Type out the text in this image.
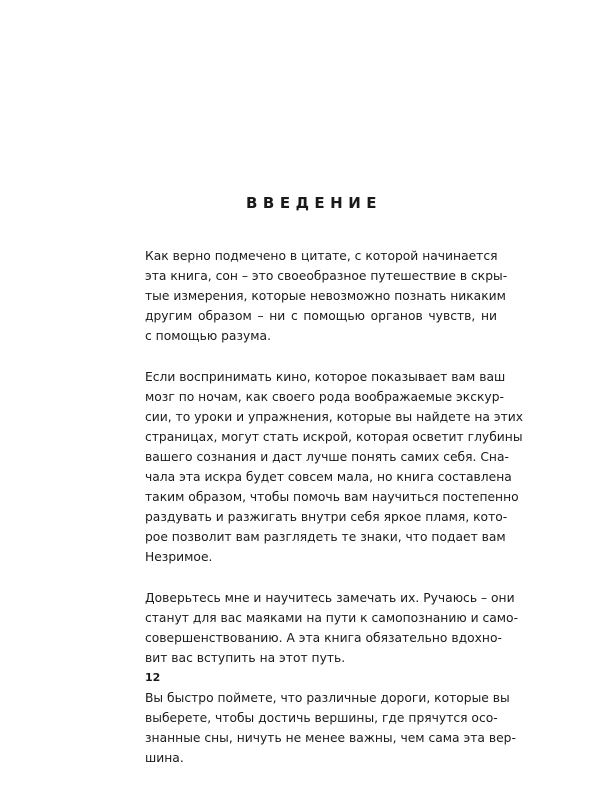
ВВЕДЕНИЕ

Как верно подмечено в цитате, с которой начинается
эта книга, сон – это своеобразное путешествие в скры-
тые измерения, которые невозможно познать никаким
другим образом – ни с помощью органов чувств, ни
с помощью разума.

Если воспринимать кино, которое показывает вам ваш
мозг по ночам, как своего рода воображаемые экскур-
сии, то уроки и упражнения, которые вы найдете на этих
страницах, могут стать искрой, которая осветит глубины
вашего сознания и даст лучше понять самих себя. Сна-
чала эта искра будет совсем мала, но книга составлена
таким образом, чтобы помочь вам научиться постепенно
раздувать и разжигать внутри себя яркое пламя, кото-
рое позволит вам разглядеть те знаки, что подает вам
Незримое.

Доверьтесь мне и научитесь замечать их. Ручаюсь – они
станут для вас маяками на пути к самопознанию и само-
совершенствованию. А эта книга обязательно вдохно-
вит вас вступить на этот путь.

Вы быстро поймете, что различные дороги, которые вы
выберете, чтобы достичь вершины, где прячутся осо-
знанные сны, ничуть не менее важны, чем сама эта вер-
шина.

12
